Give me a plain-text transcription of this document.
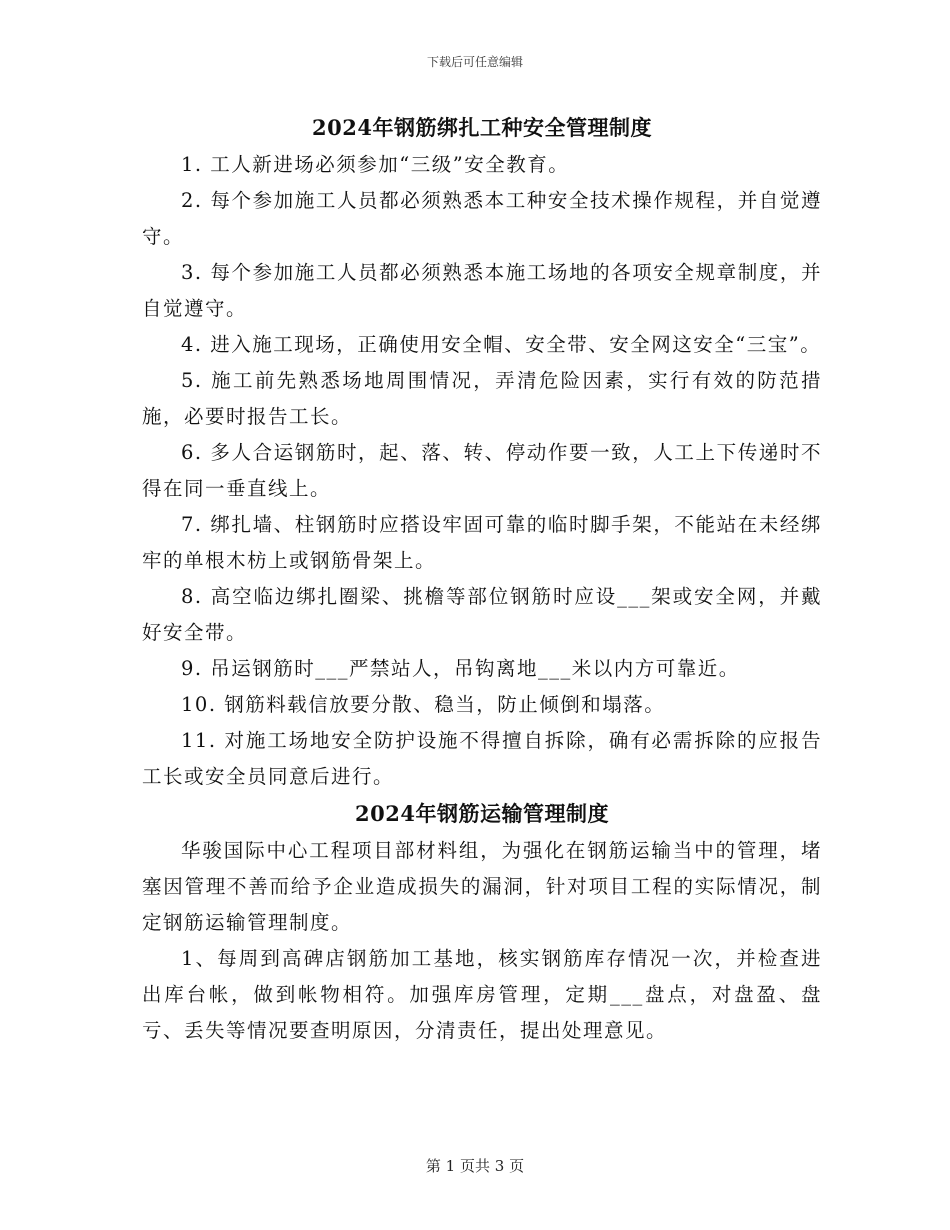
下载后可任意编辑
2024年钢筋绑扎工种安全管理制度

1. 工人新进场必须参加“三级”安全教育。

2. 每个参加施工人员都必须熟悉本工种安全技术操作规程，并自觉遵守。

3. 每个参加施工人员都必须熟悉本施工场地的各项安全规章制度，并自觉遵守。

4. 进入施工现场，正确使用安全帽、安全带、安全网这安全“三宝”。

5. 施工前先熟悉场地周围情况，弄清危险因素，实行有效的防范措施，必要时报告工长。

6. 多人合运钢筋时，起、落、转、停动作要一致，人工上下传递时不得在同一垂直线上。

7. 绑扎墙、柱钢筋时应搭设牢固可靠的临时脚手架，不能站在未经绑牢的单根木枋上或钢筋骨架上。

8. 高空临边绑扎圈梁、挑檐等部位钢筋时应设___架或安全网，并戴好安全带。

9. 吊运钢筋时___严禁站人，吊钩离地___米以内方可靠近。

10. 钢筋料载信放要分散、稳当，防止倾倒和塌落。

11. 对施工场地安全防护设施不得擅自拆除，确有必需拆除的应报告工长或安全员同意后进行。

2024年钢筋运输管理制度

华骏国际中心工程项目部材料组，为强化在钢筋运输当中的管理，堵塞因管理不善而给予企业造成损失的漏洞，针对项目工程的实际情况，制定钢筋运输管理制度。

1、每周到高碑店钢筋加工基地，核实钢筋库存情况一次，并检查进出库台帐，做到帐物相符。加强库房管理，定期___盘点，对盘盈、盘亏、丢失等情况要查明原因，分清责任，提出处理意见。

第 1 页共 3 页
